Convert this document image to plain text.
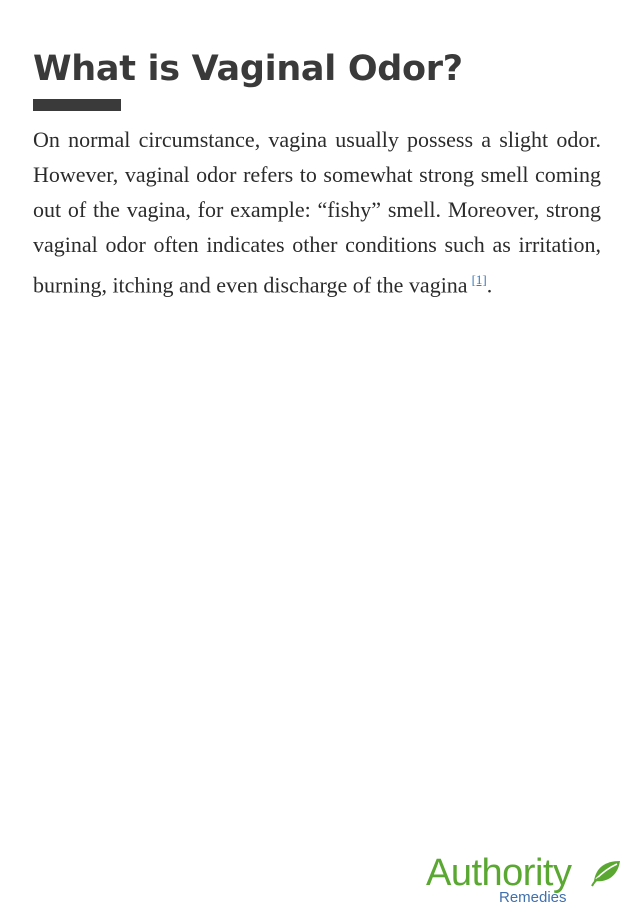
What is Vaginal Odor?

On normal circumstance, vagina usually possess a slight odor. However, vaginal odor refers to somewhat strong smell coming out of the vagina, for example: “fishy” smell. Moreover, strong vaginal odor often indicates other conditions such as irritation, burning, itching and even discharge of the vagina [1].

Authority
Remedies
